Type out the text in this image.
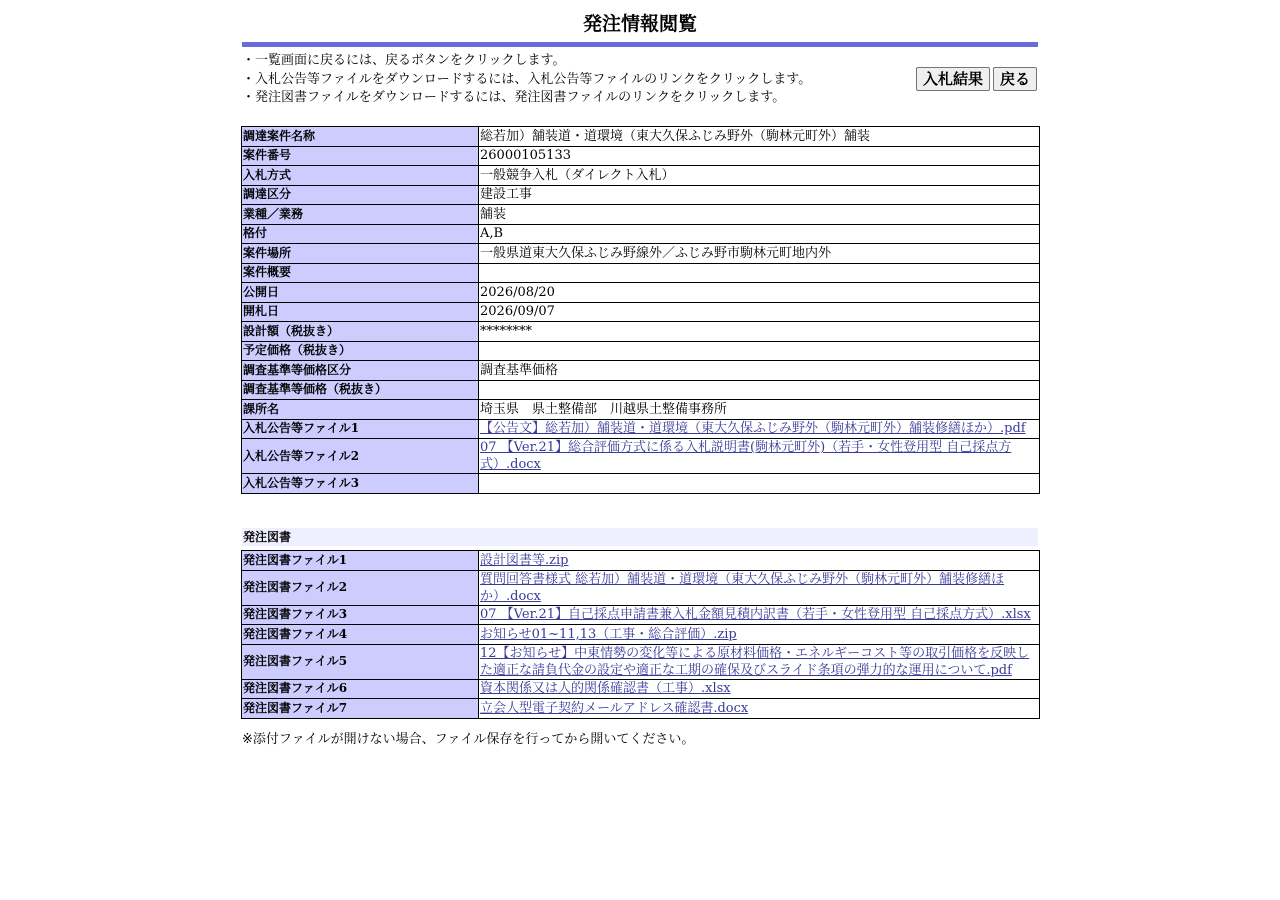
発注情報閲覧
・一覧画面に戻るには、戻るボタンをクリックします。
・入札公告等ファイルをダウンロードするには、入札公告等ファイルのリンクをクリックします。
・発注図書ファイルをダウンロードするには、発注図書ファイルのリンクをクリックします。
入札結果	戻る
調達案件名称	総若加）舗装道・道環境（東大久保ふじみ野外（駒林元町外）舗装
案件番号	26000105133
入札方式	一般競争入札（ダイレクト入札）
調達区分	建設工事
業種／業務	舗装
格付	A,B
案件場所	一般県道東大久保ふじみ野線外／ふじみ野市駒林元町地内外
案件概要	
公開日	2026/08/20
開札日	2026/09/07
設計額（税抜き）	********
予定価格（税抜き）	
調査基準等価格区分	調査基準価格
調査基準等価格（税抜き）	
課所名	埼玉県　県土整備部　川越県土整備事務所
入札公告等ファイル1	【公告文】総若加）舗装道・道環境（東大久保ふじみ野外（駒林元町外）舗装修繕ほか）.pdf
入札公告等ファイル2	07 【Ver.21】総合評価方式に係る入札説明書(駒林元町外)（若手・女性登用型 自己採点方式）.docx
入札公告等ファイル3	
発注図書
発注図書ファイル1	設計図書等.zip
発注図書ファイル2	質問回答書様式 総若加）舗装道・道環境（東大久保ふじみ野外（駒林元町外）舗装修繕ほか）.docx
発注図書ファイル3	07 【Ver.21】自己採点申請書兼入札金額見積内訳書（若手・女性登用型 自己採点方式）.xlsx
発注図書ファイル4	お知らせ01~11,13（工事・総合評価）.zip
発注図書ファイル5	12【お知らせ】中東情勢の変化等による原材料価格・エネルギーコスト等の取引価格を反映した適正な請負代金の設定や適正な工期の確保及びスライド条項の弾力的な運用について.pdf
発注図書ファイル6	資本関係又は人的関係確認書（工事）.xlsx
発注図書ファイル7	立会人型電子契約メールアドレス確認書.docx
※添付ファイルが開けない場合、ファイル保存を行ってから開いてください。
